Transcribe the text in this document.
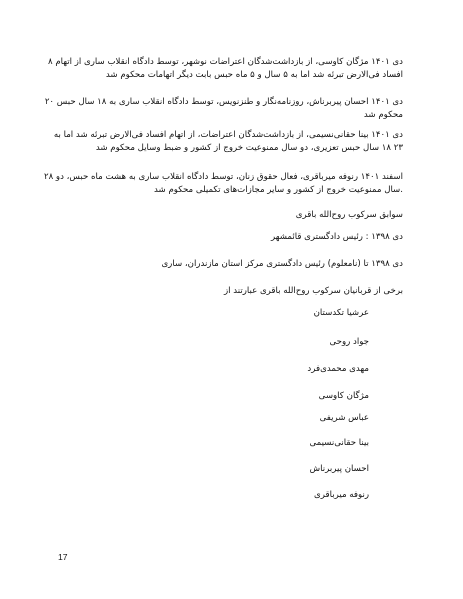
دی ۱۴۰۱ مژگان کاوسی، از بازداشت‌شدگان اعتراضات نوشهر، توسط دادگاه انقلاب ساری از اتهام ۸ افساد فی‌الارض تبرئه شد اما به ۵ سال و ۵ ماه حبس بابت دیگر اتهامات محکوم شد
دی ۱۴۰۱ احسان پیربرناش، روزنامه‌نگار و طنزنویس، توسط دادگاه انقلاب ساری به ۱۸ سال حبس ۲۰ محکوم شد
دی ۱۴۰۱ بینا حقانی‌نسیمی، از بازداشت‌شدگان اعتراضات، از اتهام افساد فی‌الارض تبرئه شد اما به ۲۳ ۱۸ سال حبس تعزیری، دو سال ممنوعیت خروج از کشور و ضبط وسایل محکوم شد
اسفند ۱۴۰۱ رنوفه میرباقری، فعال حقوق زنان، توسط دادگاه انقلاب ساری به هشت ماه حبس، دو ۲۸ .سال ممنوعیت خروج از کشور و سایر مجازات‌های تکمیلی محکوم شد
سوابق سرکوب روح‌الله باقری
دی ۱۳۹۸ : رئیس دادگستری قائمشهر
دی ۱۳۹۸ تا (نامعلوم) رئیس دادگستری مرکز استان مازندران، ساری
برخی از قربانیان سرکوب روح‌الله باقری عبارتند از
عرشیا تکدستان
جواد روحی
مهدی محمدی‌فرد
مژگان کاوسی
عباس شریفی
بینا حقانی‌نسیمی
احسان پیربرناش
رنوفه میرباقری
17
